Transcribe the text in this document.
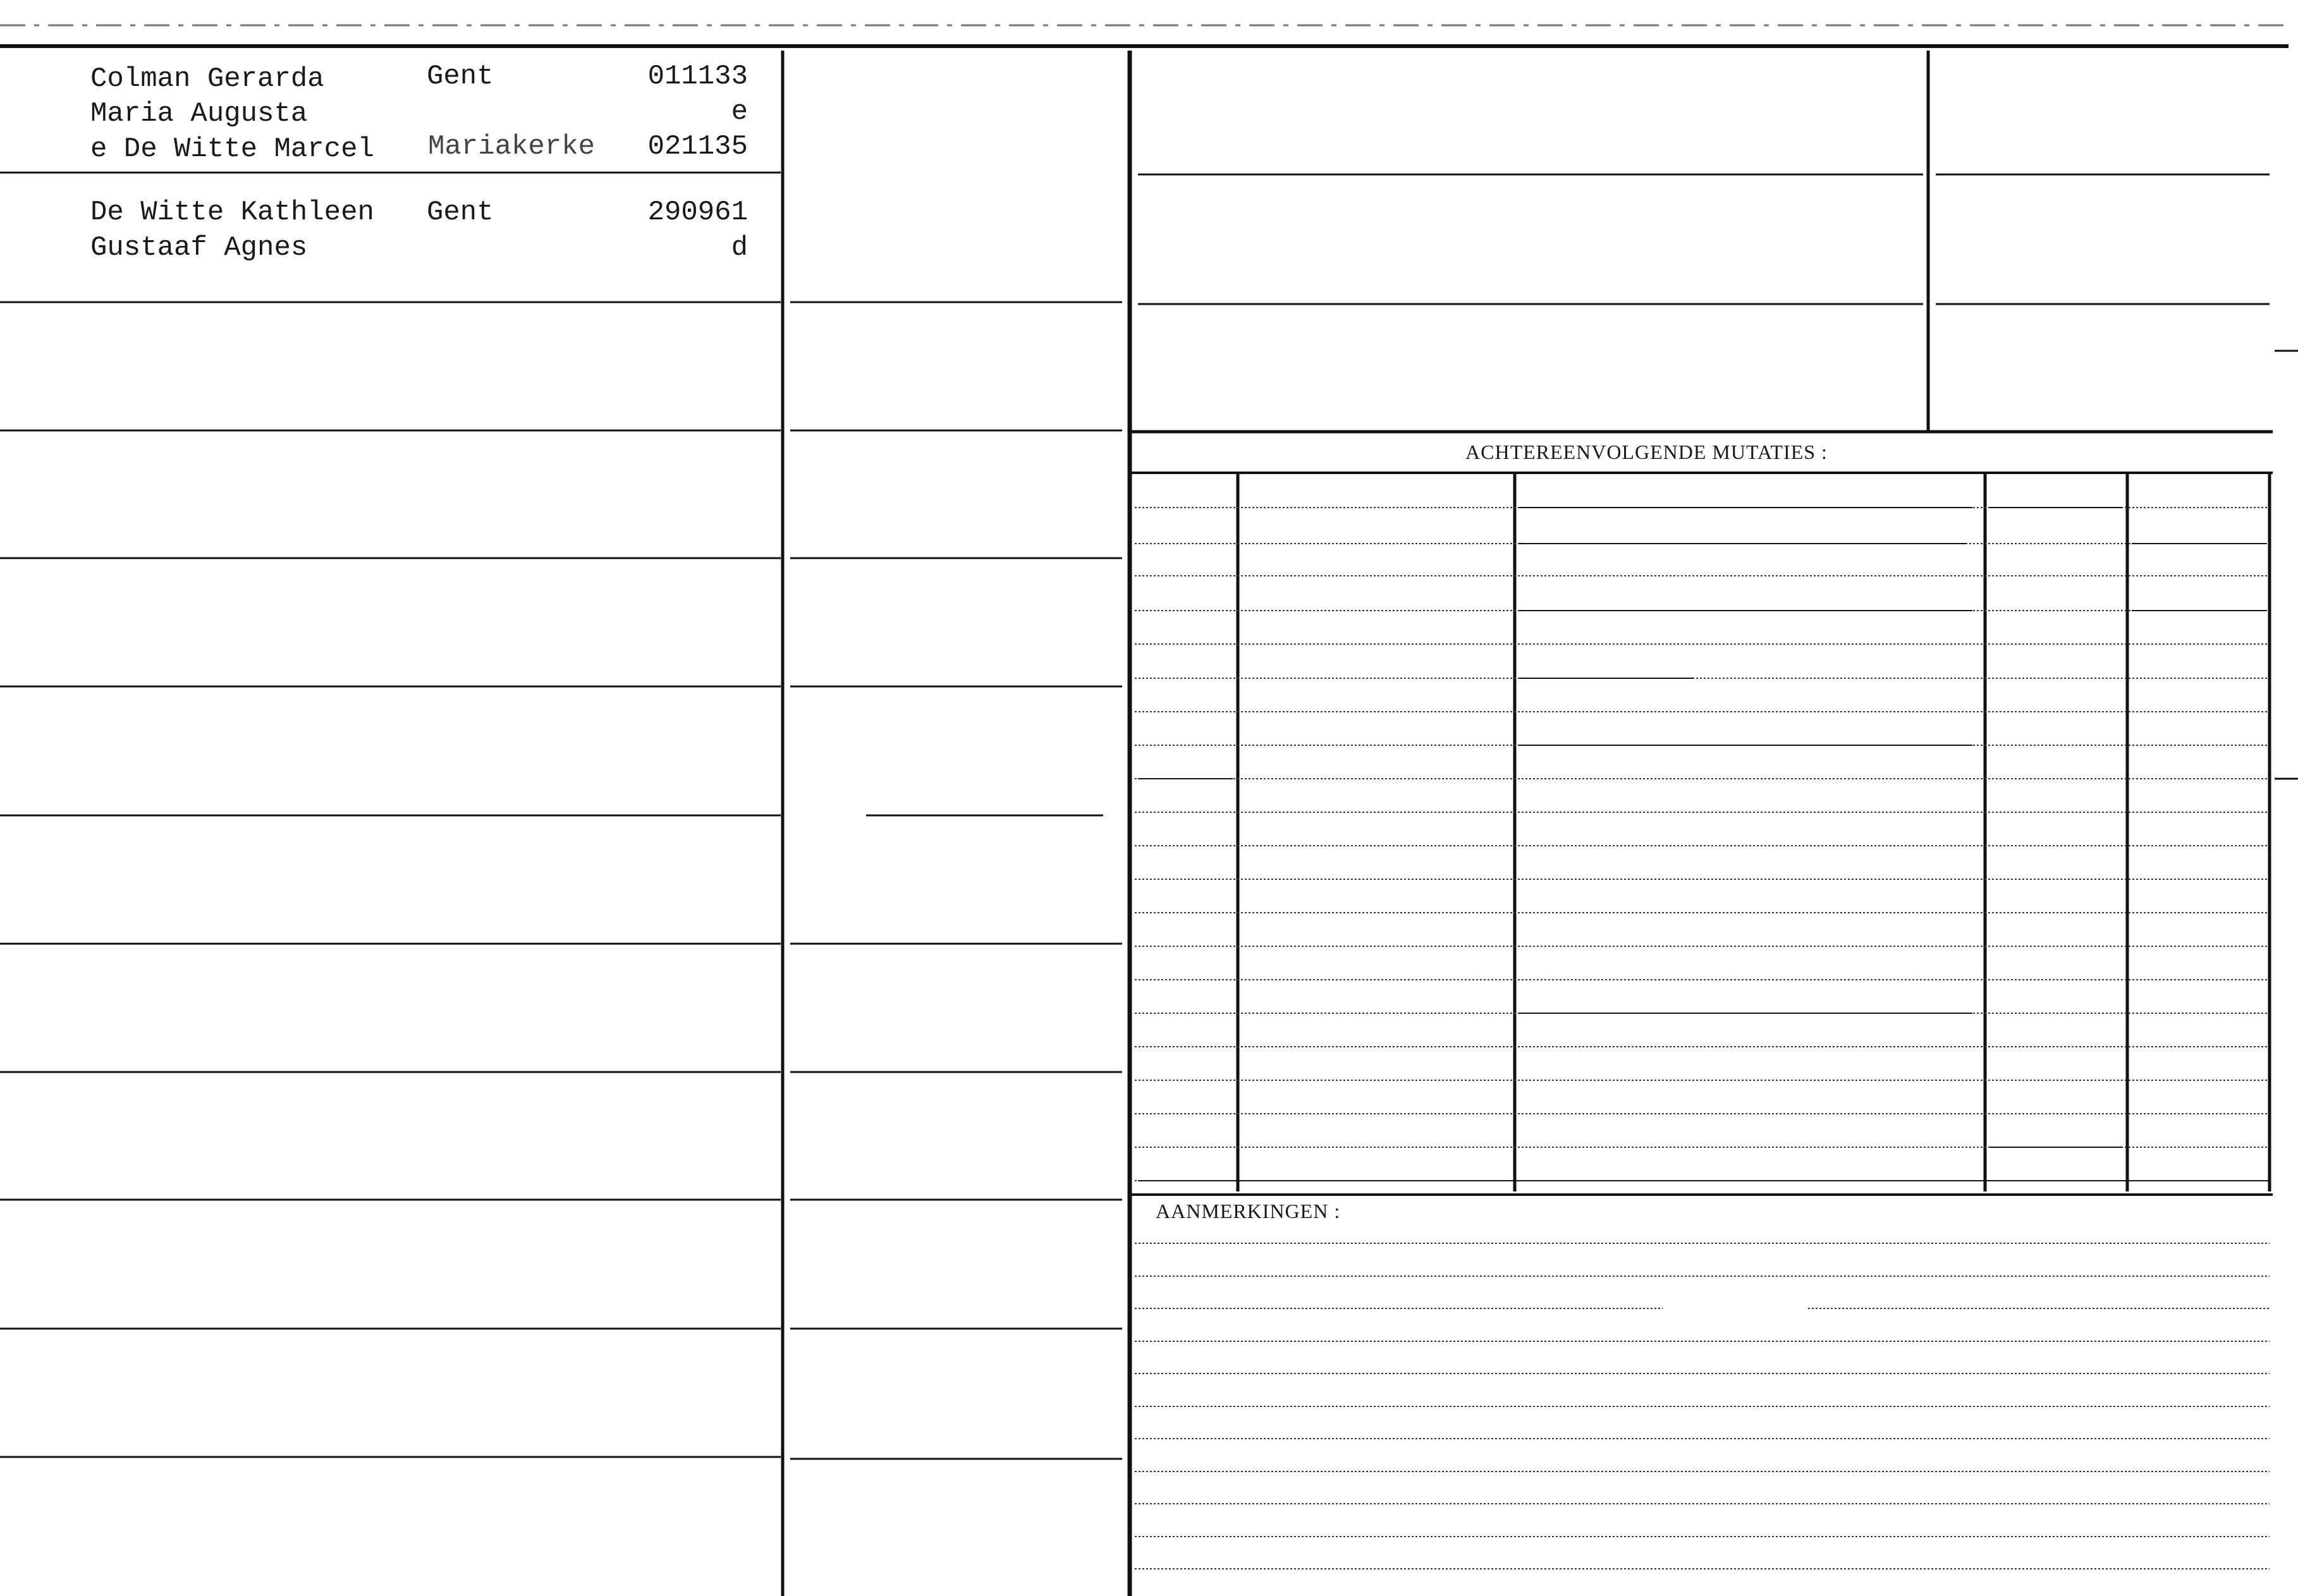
Colman Gerarda
Maria Augusta
e De Witte Marcel
Gent
Mariakerke
011133
e
021135
De Witte Kathleen
Gustaaf Agnes
Gent	290961
d
ACHTEREENVOLGENDE MUTATIES :
AANMERKINGEN :
